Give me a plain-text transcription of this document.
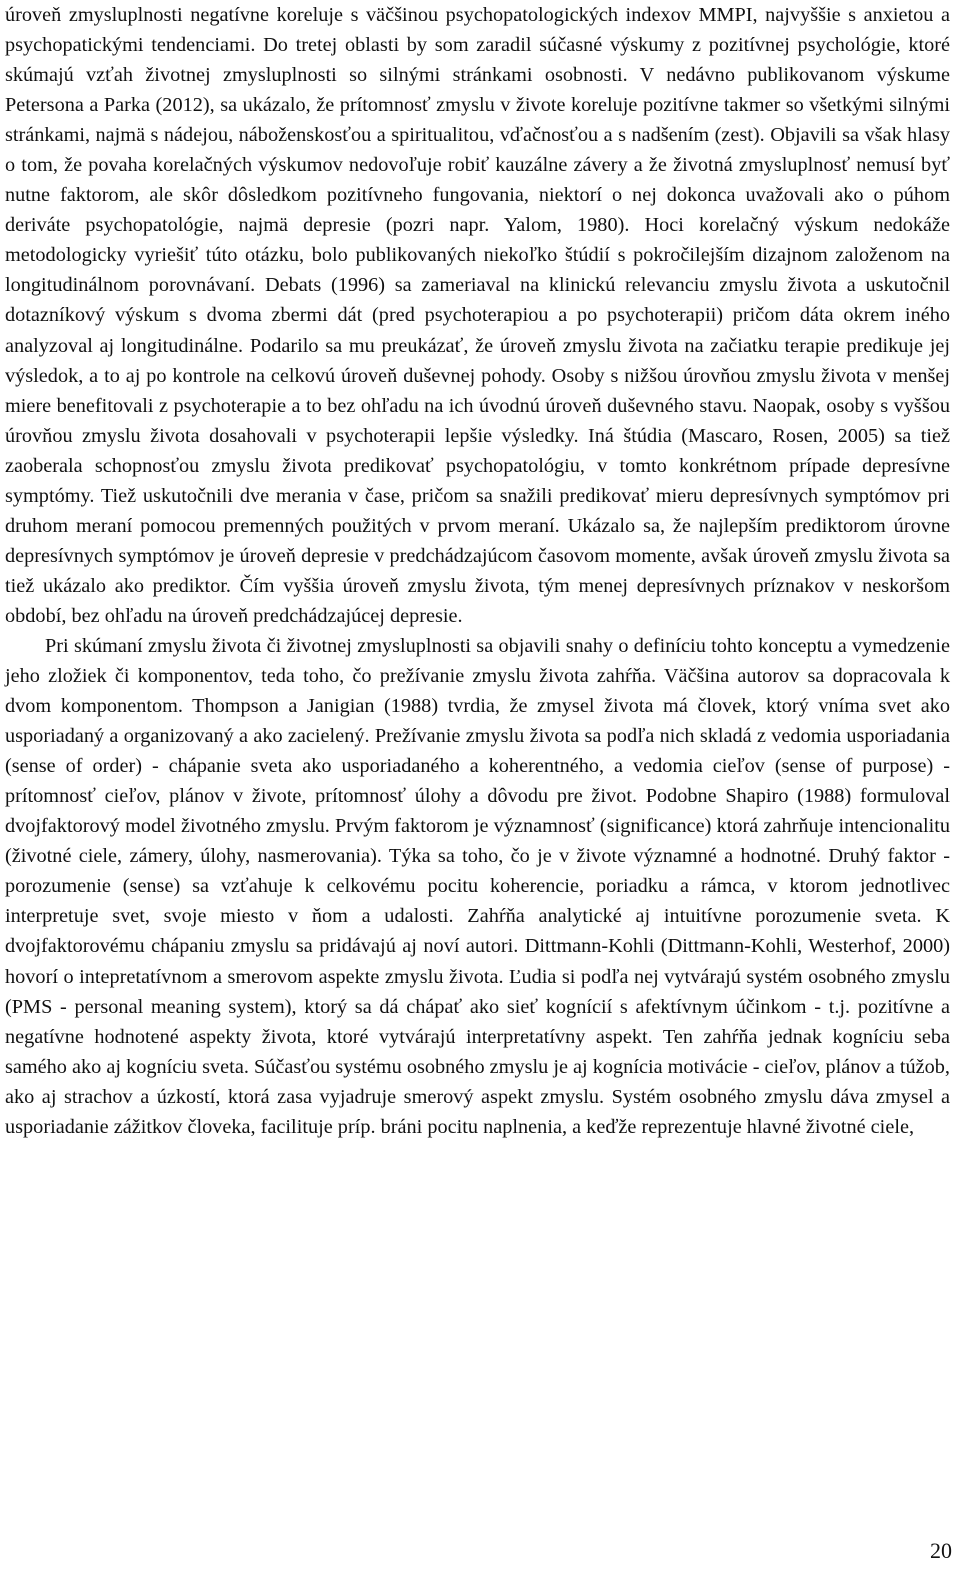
úroveň zmysluplnosti negatívne koreluje s väčšinou psychopatologických indexov MMPI, najvyššie s anxietou a psychopatickými tendenciami. Do tretej oblasti by som zaradil súčasné výskumy z pozitívnej psychológie, ktoré skúmajú vzťah životnej zmysluplnosti so silnými stránkami osobnosti. V nedávno publikovanom výskume Petersona a Parka (2012), sa ukázalo, že prítomnosť zmyslu v živote koreluje pozitívne takmer so všetkými silnými stránkami, najmä s nádejou, náboženskosťou a spiritualitou, vďačnosťou a s nadšením (zest). Objavili sa však hlasy o tom, že povaha korelačných výskumov nedovoľuje robiť kauzálne závery a že životná zmysluplnosť nemusí byť nutne faktorom, ale skôr dôsledkom pozitívneho fungovania, niektorí o nej dokonca uvažovali ako o púhom deriváte psychopatológie, najmä depresie (pozri napr. Yalom, 1980). Hoci korelačný výskum nedokáže metodologicky vyriešiť túto otázku, bolo publikovaných niekoľko štúdií s pokročilejším dizajnom založenom na longitudinálnom porovnávaní. Debats (1996) sa zameriaval na klinickú relevanciu zmyslu života a uskutočnil dotazníkový výskum s dvoma zbermi dát (pred psychoterapiou a po psychoterapii) pričom dáta okrem iného analyzoval aj longitudinálne. Podarilo sa mu preukázať, že úroveň zmyslu života na začiatku terapie predikuje jej výsledok, a to aj po kontrole na celkovú úroveň duševnej pohody. Osoby s nižšou úrovňou zmyslu života v menšej miere benefitovali z psychoterapie a to bez ohľadu na ich úvodnú úroveň duševného stavu. Naopak, osoby s vyššou úrovňou zmyslu života dosahovali v psychoterapii lepšie výsledky. Iná štúdia (Mascaro, Rosen, 2005) sa tiež zaoberala schopnosťou zmyslu života predikovať psychopatológiu, v tomto konkrétnom prípade depresívne symptómy. Tiež uskutočnili dve merania v čase, pričom sa snažili predikovať mieru depresívnych symptómov pri druhom meraní pomocou premenných použitých v prvom meraní. Ukázalo sa, že najlepším prediktorom úrovne depresívnych symptómov je úroveň depresie v predchádzajúcom časovom momente, avšak úroveň zmyslu života sa tiež ukázalo ako prediktor. Čím vyššia úroveň zmyslu života, tým menej depresívnych príznakov v neskoršom období, bez ohľadu na úroveň predchádzajúcej depresie.

Pri skúmaní zmyslu života či životnej zmysluplnosti sa objavili snahy o definíciu tohto konceptu a vymedzenie jeho zložiek či komponentov, teda toho, čo prežívanie zmyslu života zahŕňa. Väčšina autorov sa dopracovala k dvom komponentom. Thompson a Janigian (1988) tvrdia, že zmysel života má človek, ktorý vníma svet ako usporiadaný a organizovaný a ako zacielený. Prežívanie zmyslu života sa podľa nich skladá z vedomia usporiadania (sense of order) - chápanie sveta ako usporiadaného a koherentného, a vedomia cieľov (sense of purpose) - prítomnosť cieľov, plánov v živote, prítomnosť úlohy a dôvodu pre život. Podobne Shapiro (1988) formuloval dvojfaktorový model životného zmyslu. Prvým faktorom je významnosť (significance) ktorá zahrňuje intencionalitu (životné ciele, zámery, úlohy, nasmerovania). Týka sa toho, čo je v živote významné a hodnotné. Druhý faktor - porozumenie (sense) sa vzťahuje k celkovému pocitu koherencie, poriadku a rámca, v ktorom jednotlivec interpretuje svet, svoje miesto v ňom a udalosti. Zahŕňa analytické aj intuitívne porozumenie sveta. K dvojfaktorovému chápaniu zmyslu sa pridávajú aj noví autori. Dittmann-Kohli (Dittmann-Kohli, Westerhof, 2000) hovorí o intepretatívnom a smerovom aspekte zmyslu života. Ľudia si podľa nej vytvárajú systém osobného zmyslu (PMS - personal meaning system), ktorý sa dá chápať ako sieť kognícií s afektívnym účinkom - t.j. pozitívne a negatívne hodnotené aspekty života, ktoré vytvárajú interpretatívny aspekt. Ten zahŕňa jednak kogníciu seba samého ako aj kogníciu sveta. Súčasťou systému osobného zmyslu je aj kognícia motivácie - cieľov, plánov a túžob, ako aj strachov a úzkostí, ktorá zasa vyjadruje smerový aspekt zmyslu. Systém osobného zmyslu dáva zmysel a usporiadanie zážitkov človeka, facilituje príp. bráni pocitu naplnenia, a keďže reprezentuje hlavné životné ciele,

20
